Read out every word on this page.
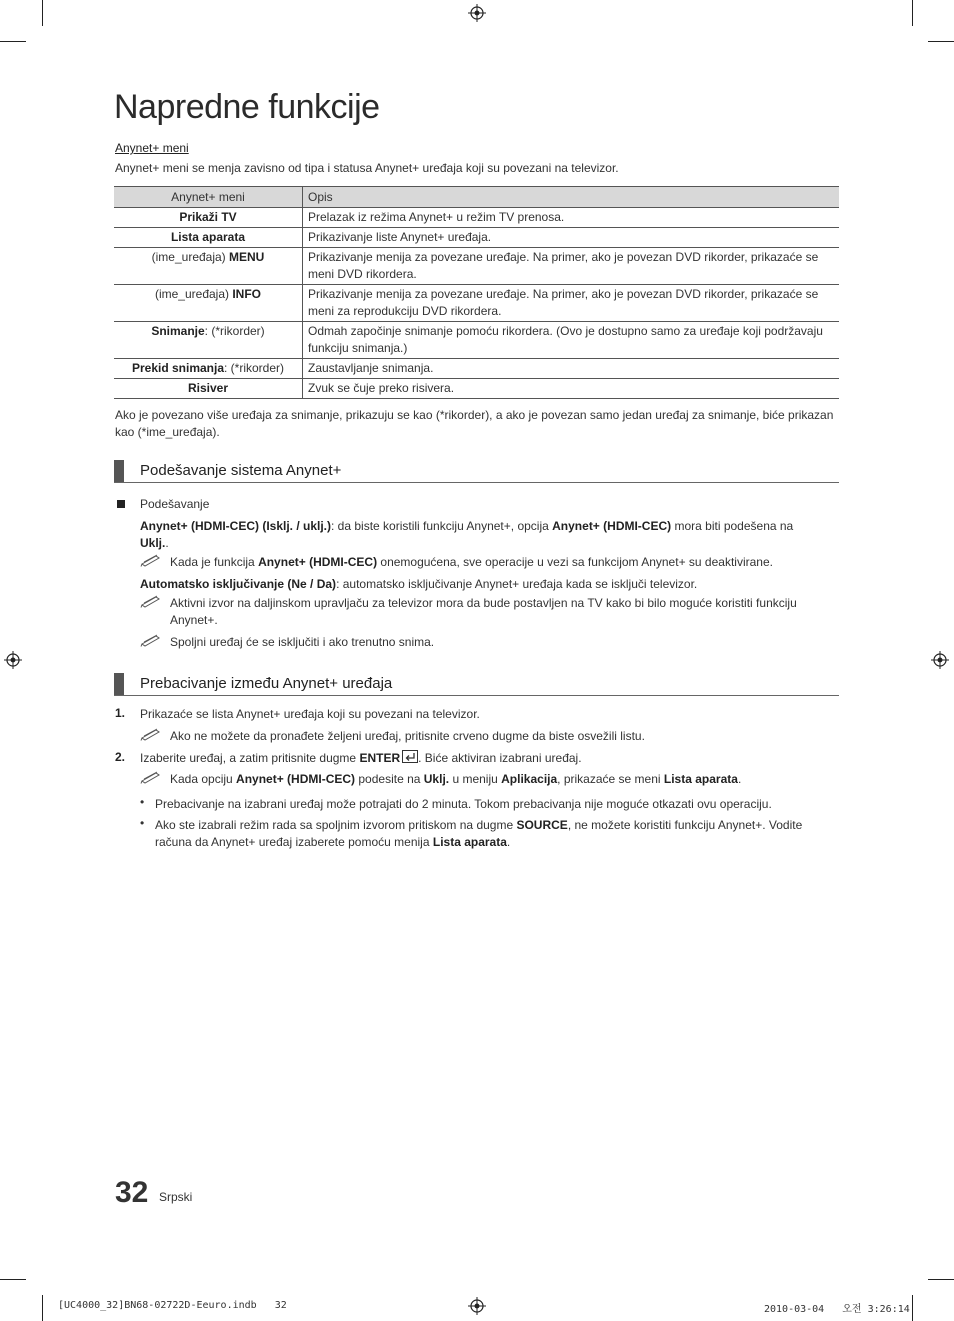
Napredne funkcije
Anynet+ meni
Anynet+ meni se menja zavisno od tipa i statusa Anynet+ uređaja koji su povezani na televizor.
Anynet+ meni	Opis
Prikaži TV	Prelazak iz režima Anynet+ u režim TV prenosa.
Lista aparata	Prikazivanje liste Anynet+ uređaja.
(ime_uređaja) MENU	Prikazivanje menija za povezane uređaje. Na primer, ako je povezan DVD rikorder, prikazaće se meni DVD rikordera.
(ime_uređaja) INFO	Prikazivanje menija za povezane uređaje. Na primer, ako je povezan DVD rikorder, prikazaće se meni za reprodukciju DVD rikordera.
Snimanje: (*rikorder)	Odmah započinje snimanje pomoću rikordera. (Ovo je dostupno samo za uređaje koji podržavaju funkciju snimanja.)
Prekid snimanja: (*rikorder)	Zaustavljanje snimanja.
Risiver	Zvuk se čuje preko risivera.
Ako je povezano više uređaja za snimanje, prikazuju se kao (*rikorder), a ako je povezan samo jedan uređaj za snimanje, biće prikazan kao (*ime_uređaja).
Podešavanje sistema Anynet+
Podešavanje
Anynet+ (HDMI-CEC) (Isklj. / uklj.): da biste koristili funkciju Anynet+, opcija Anynet+ (HDMI-CEC) mora biti podešena na
Uklj..
Kada je funkcija Anynet+ (HDMI-CEC) onemogućena, sve operacije u vezi sa funkcijom Anynet+ su deaktivirane.
Automatsko isključivanje (Ne / Da): automatsko isključivanje Anynet+ uređaja kada se isključi televizor.
Aktivni izvor na daljinskom upravljaču za televizor mora da bude postavljen na TV kako bi bilo moguće koristiti funkciju Anynet+.
Spoljni uređaj će se isključiti i ako trenutno snima.
Prebacivanje između Anynet+ uređaja
1. Prikazaće se lista Anynet+ uređaja koji su povezani na televizor.
Ako ne možete da pronađete željeni uređaj, pritisnite crveno dugme da biste osvežili listu.
2. Izaberite uređaj, a zatim pritisnite dugme ENTER . Biće aktiviran izabrani uređaj.
Kada opciju Anynet+ (HDMI-CEC) podesite na Uklj. u meniju Aplikacija, prikazaće se meni Lista aparata.
• Prebacivanje na izabrani uređaj može potrajati do 2 minuta. Tokom prebacivanja nije moguće otkazati ovu operaciju.
• Ako ste izabrali režim rada sa spoljnim izvorom pritiskom na dugme SOURCE, ne možete koristiti funkciju Anynet+. Vodite računa da Anynet+ uređaj izaberete pomoću menija Lista aparata.
32 Srpski
[UC4000_32]BN68-02722D-Eeuro.indb   32	2010-03-04   오전 3:26:14
